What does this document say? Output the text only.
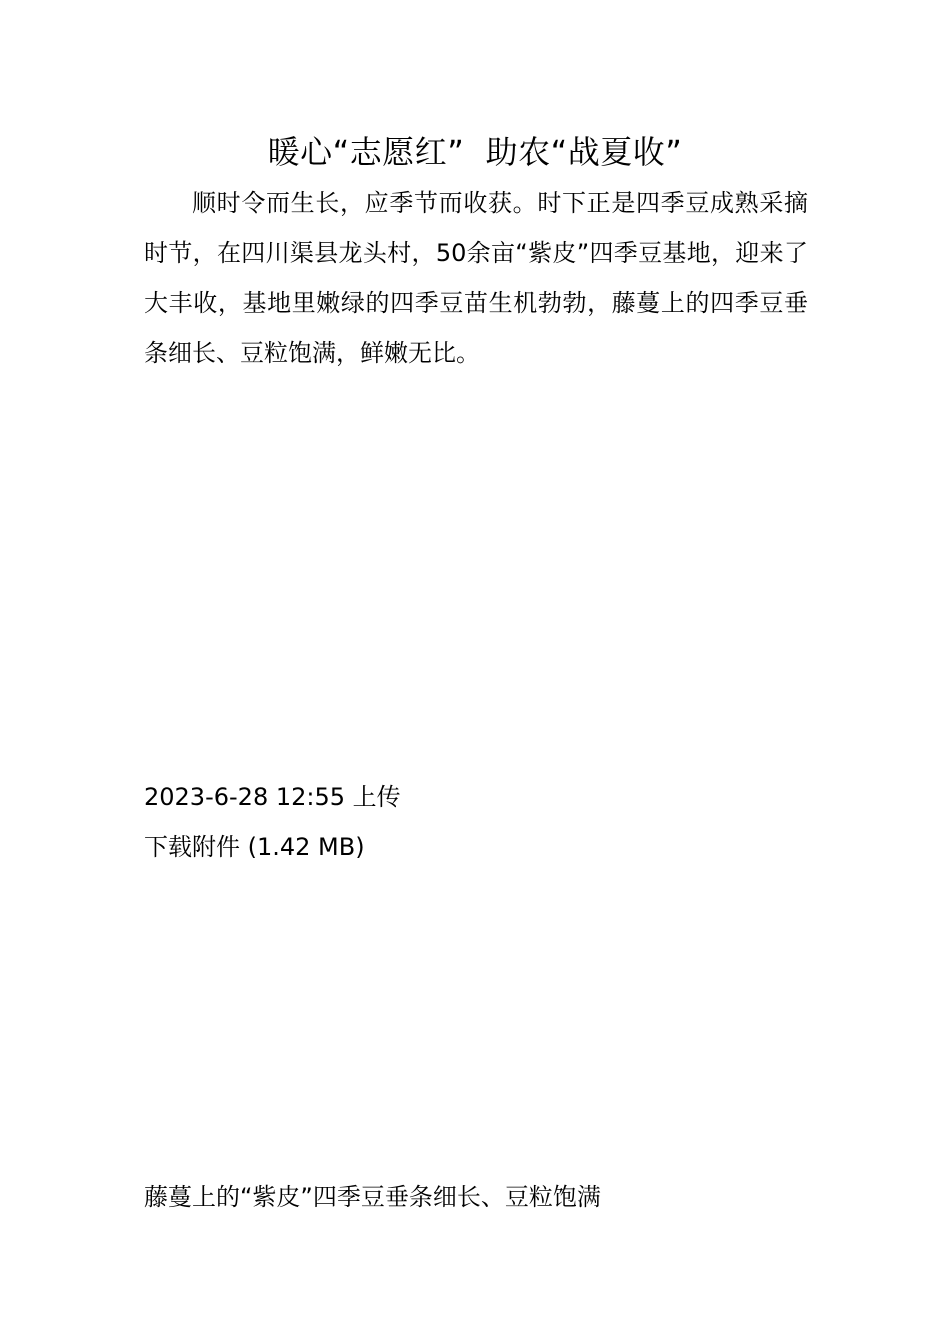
暖心“志愿红”  助农“战夏收”

顺时令而生长，应季节而收获。时下正是四季豆成熟采摘时节，在四川渠县龙头村，50余亩“紫皮”四季豆基地，迎来了大丰收，基地里嫩绿的四季豆苗生机勃勃，藤蔓上的四季豆垂条细长、豆粒饱满，鲜嫩无比。

2023-6-28 12:55 上传
下载附件 (1.42 MB)
藤蔓上的“紫皮”四季豆垂条细长、豆粒饱满
